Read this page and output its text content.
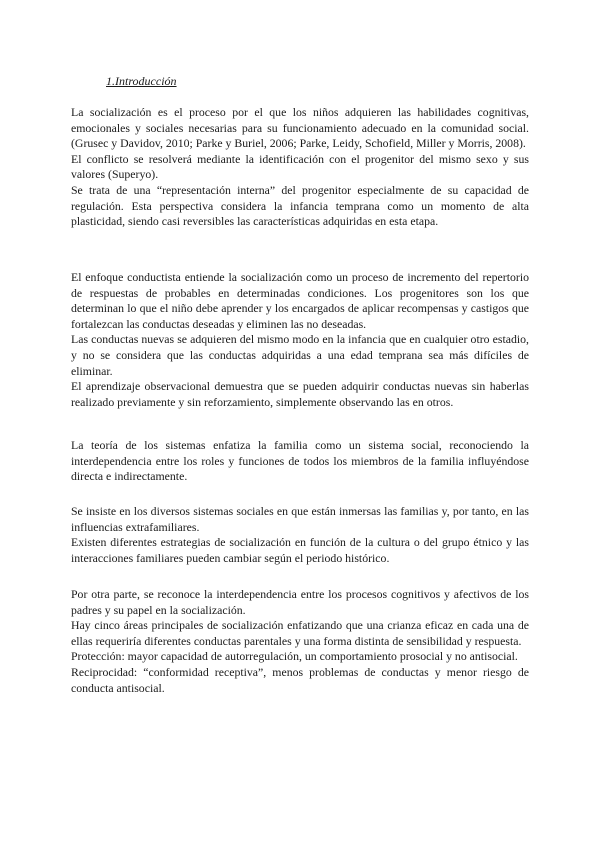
1.Introducción

La socialización es el proceso por el que los niños adquieren las habilidades cognitivas, emocionales y sociales necesarias para su funcionamiento adecuado en la comunidad social. (Grusec y Davidov, 2010; Parke y Buriel, 2006; Parke, Leidy, Schofield, Miller y Morris, 2008).

El conflicto se resolverá mediante la identificación con el progenitor del mismo sexo y sus valores (Superyo).

Se trata de una “representación interna” del progenitor especialmente de su capacidad de regulación. Esta perspectiva considera la infancia temprana como un momento de alta plasticidad, siendo casi reversibles las características adquiridas en esta etapa.

El enfoque conductista entiende la socialización como un proceso de incremento del repertorio de respuestas de probables en determinadas condiciones. Los progenitores son los que determinan lo que el niño debe aprender y los encargados de aplicar recompensas y castigos que fortalezcan las conductas deseadas y eliminen las no deseadas.

Las conductas nuevas se adquieren del mismo modo en la infancia que en cualquier otro estadio, y no se considera que las conductas adquiridas a una edad temprana sea más difíciles de eliminar.

El aprendizaje observacional demuestra que se pueden adquirir conductas nuevas sin haberlas realizado previamente y sin reforzamiento, simplemente observando las en otros.

La teoría de los sistemas enfatiza la familia como un sistema social, reconociendo la interdependencia entre los roles y funciones de todos los miembros de la familia influyéndose directa e indirectamente.

Se insiste en los diversos sistemas sociales en que están inmersas las familias y, por tanto, en las influencias extrafamiliares.

Existen diferentes estrategias de socialización en función de la cultura o del grupo étnico y las interacciones familiares pueden cambiar según el periodo histórico.

Por otra parte, se reconoce la interdependencia entre los procesos cognitivos y afectivos de los padres y su papel en la socialización.

Hay cinco áreas principales de socialización enfatizando que una crianza eficaz en cada una de ellas requeriría diferentes conductas parentales y una forma distinta de sensibilidad y respuesta.

Protección: mayor capacidad de autorregulación, un comportamiento prosocial y no antisocial.

Reciprocidad: “conformidad receptiva”, menos problemas de conductas y menor riesgo de conducta antisocial.
